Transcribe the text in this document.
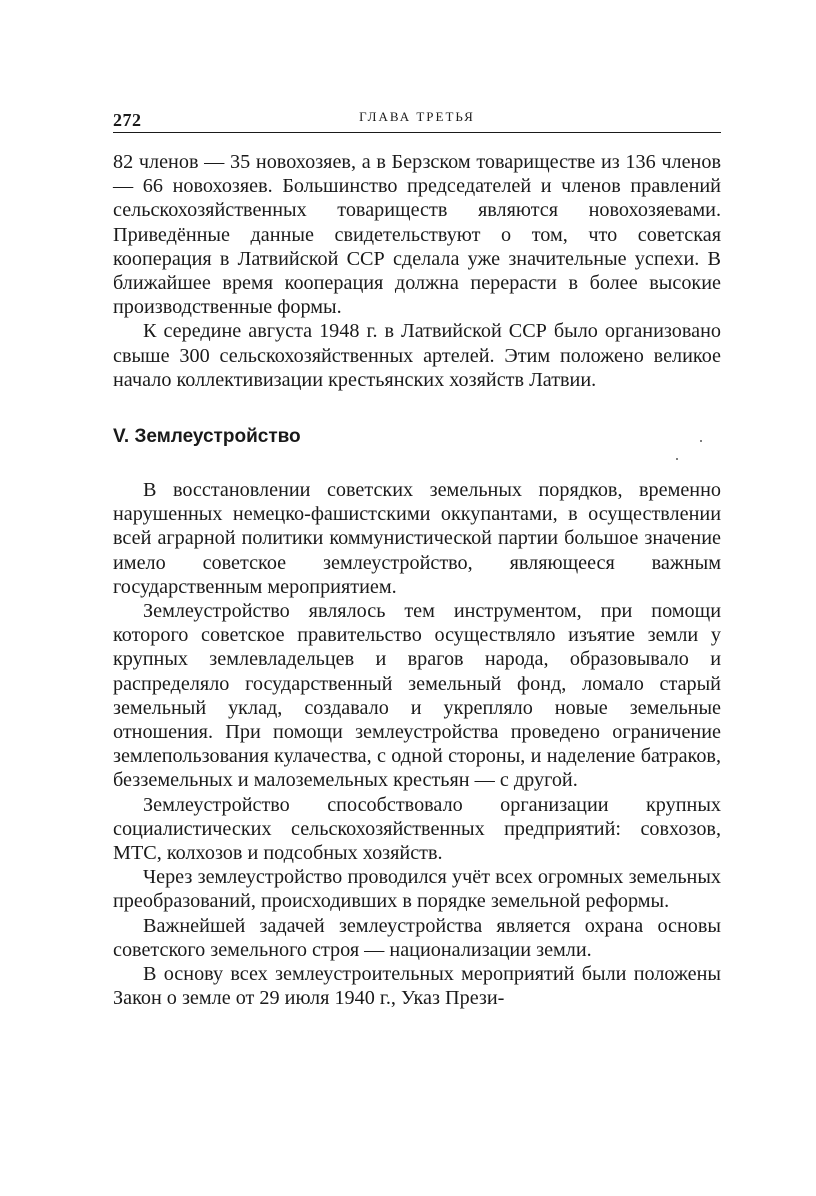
272	ГЛАВА ТРЕТЬЯ

82 членов — 35 новохозяев, а в Берзском товариществе из 136 членов — 66 новохозяев. Большинство председателей и членов правлений сельскохозяйственных товариществ являются новохозяевами. Приведённые данные свидетельствуют о том, что советская кооперация в Латвийской ССР сделала уже значительные успехи. В ближайшее время кооперация должна перерасти в более высокие производственные формы.

К середине августа 1948 г. в Латвийской ССР было организовано свыше 300 сельскохозяйственных артелей. Этим положено великое начало коллективизации крестьянских хозяйств Латвии.

V. Землеустройство

В восстановлении советских земельных порядков, временно нарушенных немецко-фашистскими оккупантами, в осуществлении всей аграрной политики коммунистической партии большое значение имело советское землеустройство, являющееся важным государственным мероприятием.

Землеустройство являлось тем инструментом, при помощи которого советское правительство осуществляло изъятие земли у крупных землевладельцев и врагов народа, образовывало и распределяло государственный земельный фонд, ломало старый земельный уклад, создавало и укрепляло новые земельные отношения. При помощи землеустройства проведено ограничение землепользования кулачества, с одной стороны, и наделение батраков, безземельных и малоземельных крестьян — с другой.

Землеустройство способствовало организации крупных социалистических сельскохозяйственных предприятий: совхозов, МТС, колхозов и подсобных хозяйств.

Через землеустройство проводился учёт всех огромных земельных преобразований, происходивших в порядке земельной реформы.

Важнейшей задачей землеустройства является охрана основы советского земельного строя — национализации земли.

В основу всех землеустроительных мероприятий были положены Закон о земле от 29 июля 1940 г., Указ Прези-
